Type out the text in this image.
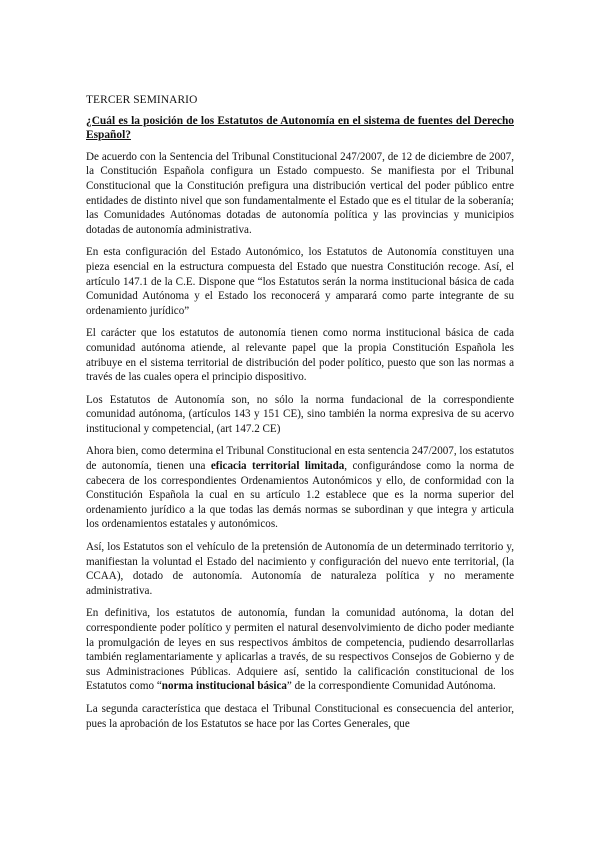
TERCER SEMINARIO
¿Cuál es la posición de los Estatutos de Autonomía en el sistema de fuentes del Derecho Español?

De acuerdo con la Sentencia del Tribunal Constitucional 247/2007, de 12 de diciembre de 2007, la Constitución Española configura un Estado compuesto. Se manifiesta por el Tribunal Constitucional que la Constitución prefigura una distribución vertical del poder público entre entidades de distinto nivel que son fundamentalmente el Estado que es el titular de la soberanía; las Comunidades Autónomas dotadas de autonomía política y las provincias y municipios dotadas de autonomía administrativa.

En esta configuración del Estado Autonómico, los Estatutos de Autonomía constituyen una pieza esencial en la estructura compuesta del Estado que nuestra Constitución recoge. Así, el artículo 147.1 de la C.E. Dispone que “los Estatutos serán la norma institucional básica de cada Comunidad Autónoma y el Estado los reconocerá y amparará como parte integrante de su ordenamiento jurídico”

El carácter que los estatutos de autonomía tienen como norma institucional básica de cada comunidad autónoma atiende, al relevante papel que la propia Constitución Española les atribuye en el sistema territorial de distribución del poder político, puesto que son las normas a través de las cuales opera el principio dispositivo.

Los Estatutos de Autonomía son, no sólo la norma fundacional de la correspondiente comunidad autónoma, (artículos 143 y 151 CE), sino también la norma expresiva de su acervo institucional y competencial, (art 147.2 CE)

Ahora bien, como determina el Tribunal Constitucional en esta sentencia 247/2007, los estatutos de autonomía, tienen una eficacia territorial limitada, configurándose como la norma de cabecera de los correspondientes Ordenamientos Autonómicos y ello, de conformidad con la Constitución Española la cual en su artículo 1.2 establece que es la norma superior del ordenamiento jurídico a la que todas las demás normas se subordinan y que integra y articula los ordenamientos estatales y autonómicos.

Así, los Estatutos son el vehículo de la pretensión de Autonomía de un determinado territorio y, manifiestan la voluntad el Estado del nacimiento y configuración del nuevo ente territorial, (la CCAA), dotado de autonomía. Autonomía de naturaleza política y no meramente administrativa.

En definitiva, los estatutos de autonomía, fundan la comunidad autónoma, la dotan del correspondiente poder político y permiten el natural desenvolvimiento de dicho poder mediante la promulgación de leyes en sus respectivos ámbitos de competencia, pudiendo desarrollarlas también reglamentariamente y aplicarlas a través, de su respectivos Consejos de Gobierno y de sus Administraciones Públicas. Adquiere así, sentido la calificación constitucional de los Estatutos como “norma institucional básica” de la correspondiente Comunidad Autónoma.

La segunda característica que destaca el Tribunal Constitucional es consecuencia del anterior, pues la aprobación de los Estatutos se hace por las Cortes Generales, que
